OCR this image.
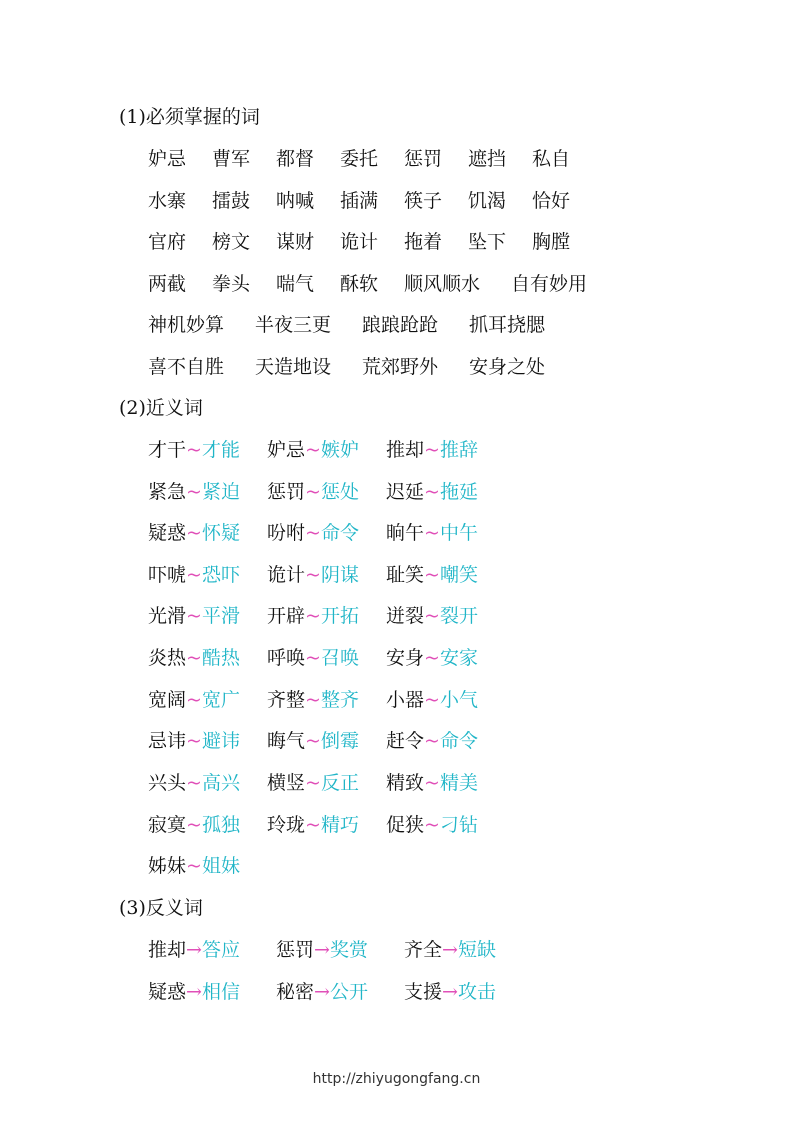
(1)必须掌握的词
妒忌 曹军 都督 委托 惩罚 遮挡 私自
水寨 擂鼓 呐喊 插满 筷子 饥渴 恰好
官府 榜文 谋财 诡计 拖着 坠下 胸膛
两截 拳头 喘气 酥软 顺风顺水 自有妙用
神机妙算 半夜三更 踉踉跄跄 抓耳挠腮
喜不自胜 天造地设 荒郊野外 安身之处
(2)近义词
才干~才能 妒忌~嫉妒 推却~推辞
紧急~紧迫 惩罚~惩处 迟延~拖延
疑惑~怀疑 吩咐~命令 晌午~中午
吓唬~恐吓 诡计~阴谋 耻笑~嘲笑
光滑~平滑 开辟~开拓 迸裂~裂开
炎热~酷热 呼唤~召唤 安身~安家
宽阔~宽广 齐整~整齐 小器~小气
忌讳~避讳 晦气~倒霉 赶令~命令
兴头~高兴 横竖~反正 精致~精美
寂寞~孤独 玲珑~精巧 促狭~刁钻
姊妹~姐妹
(3)反义词
推却→答应 惩罚→奖赏 齐全→短缺
疑惑→相信 秘密→公开 支援→攻击
http://zhiyugongfang.cn
